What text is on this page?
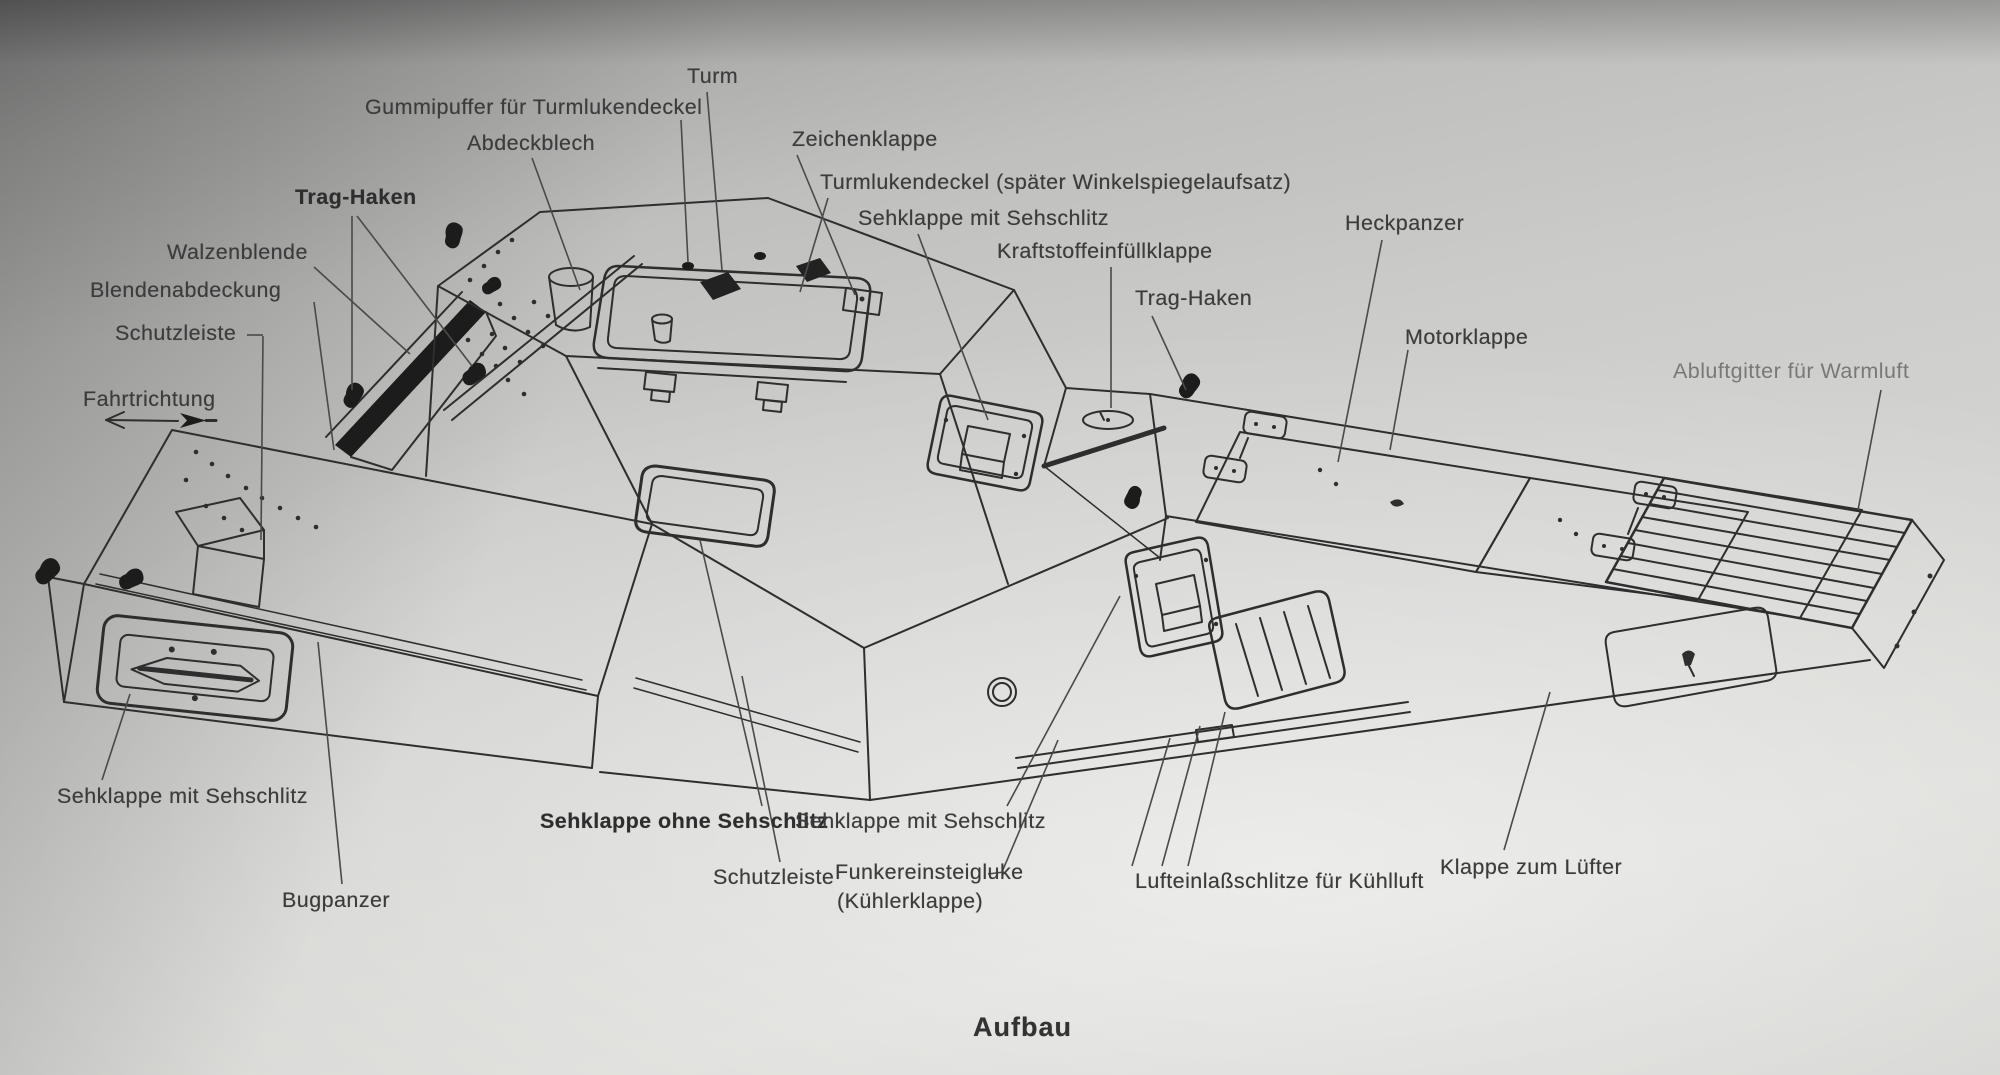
Turm
Gummipuffer für Turmlukendeckel
Abdeckblech	Zeichenklappe
Turmlukendeckel (später Winkelspiegelaufsatz)
Sehklappe mit Sehschlitz
Kraftstoffeinfüllklappe
Trag-Haken
Heckpanzer
Motorklappe
Abluftgitter für Warmluft
Trag-Haken
Walzenblende
Blendenabdeckung
Schutzleiste
Fahrtrichtung
Sehklappe mit Sehschlitz
Bugpanzer
Sehklappe ohne Sehschlitz
Sehklappe mit Sehschlitz
Schutzleiste Funkereinsteigluke
(Kühlerklappe)
Lufteinlaßschlitze für Kühlluft
Klappe zum Lüfter
Aufbau
